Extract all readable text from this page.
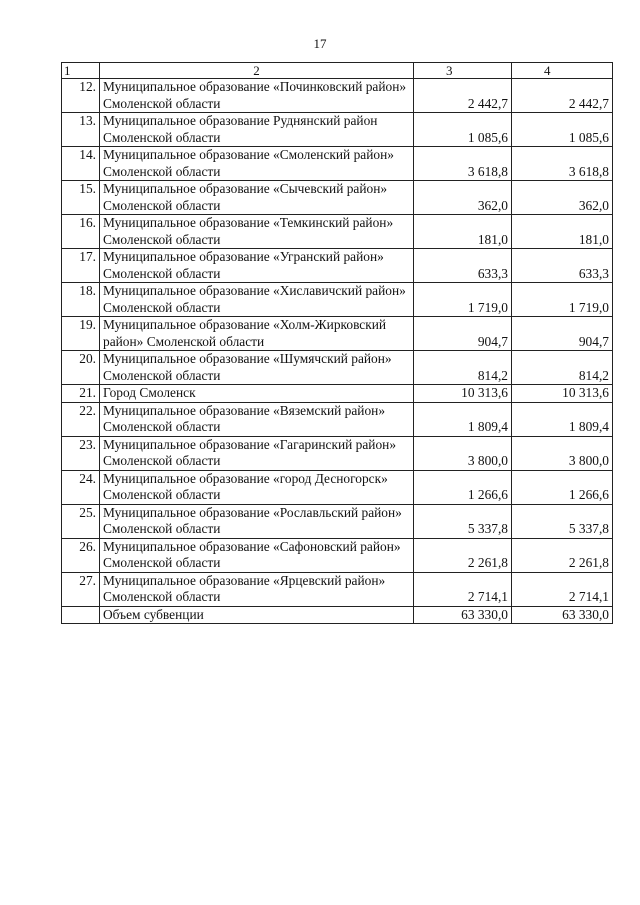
17
1	2	3	4
12.	Муниципальное образование «Починковский район» Смоленской области	2 442,7	2 442,7
13.	Муниципальное образование Руднянский район Смоленской области	1 085,6	1 085,6
14.	Муниципальное образование «Смоленский район» Смоленской области	3 618,8	3 618,8
15.	Муниципальное образование «Сычевский район» Смоленской области	362,0	362,0
16.	Муниципальное образование «Темкинский район» Смоленской области	181,0	181,0
17.	Муниципальное образование «Угранский район» Смоленской области	633,3	633,3
18.	Муниципальное образование «Хиславичский район» Смоленской области	1 719,0	1 719,0
19.	Муниципальное образование «Холм-Жирковский район» Смоленской области	904,7	904,7
20.	Муниципальное образование «Шумячский район» Смоленской области	814,2	814,2
21.	Город Смоленск	10 313,6	10 313,6
22.	Муниципальное образование «Вяземский район» Смоленской области	1 809,4	1 809,4
23.	Муниципальное образование «Гагаринский район» Смоленской области	3 800,0	3 800,0
24.	Муниципальное образование «город Десногорск» Смоленской области	1 266,6	1 266,6
25.	Муниципальное образование «Рославльский район» Смоленской области	5 337,8	5 337,8
26.	Муниципальное образование «Сафоновский район» Смоленской области	2 261,8	2 261,8
27.	Муниципальное образование «Ярцевский район» Смоленской области	2 714,1	2 714,1
	Объем субвенции	63 330,0	63 330,0
